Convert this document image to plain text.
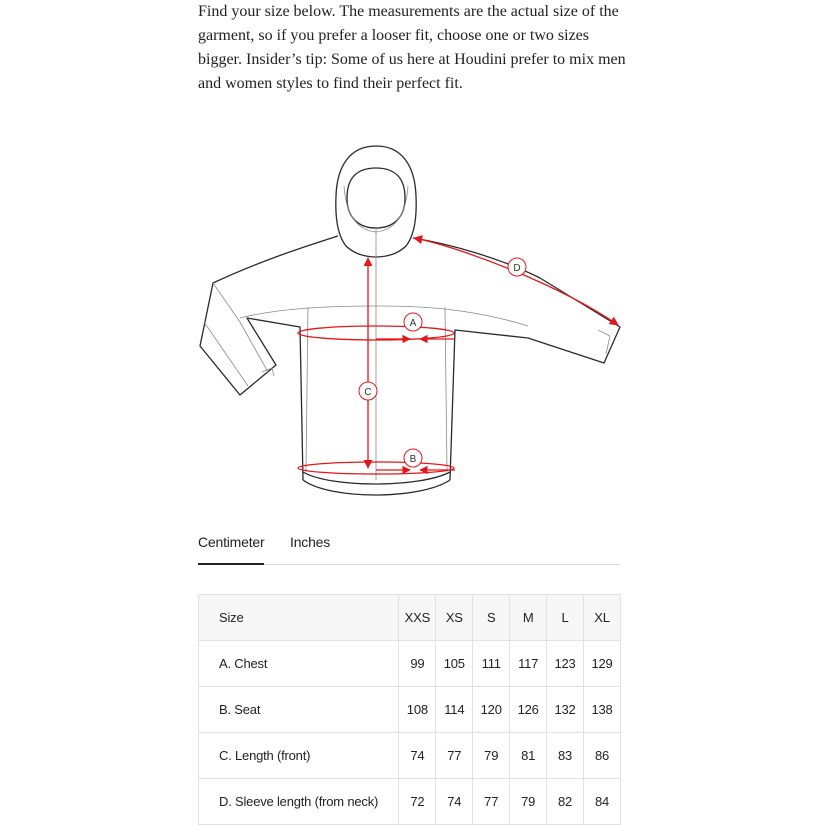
Find your size below. The measurements are the actual size of the garment, so if you prefer a looser fit, choose one or two sizes bigger. Insider’s tip: Some of us here at Houdini prefer to mix men and women styles to find their perfect fit.

A
B
C
D
Centimeter Inches
Size	XXS	XS	S	M	L	XL
A. Chest	99	105	111	117	123	129
B. Seat	108	114	120	126	132	138
C. Length (front)	74	77	79	81	83	86
D. Sleeve length (from neck)	72	74	77	79	82	84
